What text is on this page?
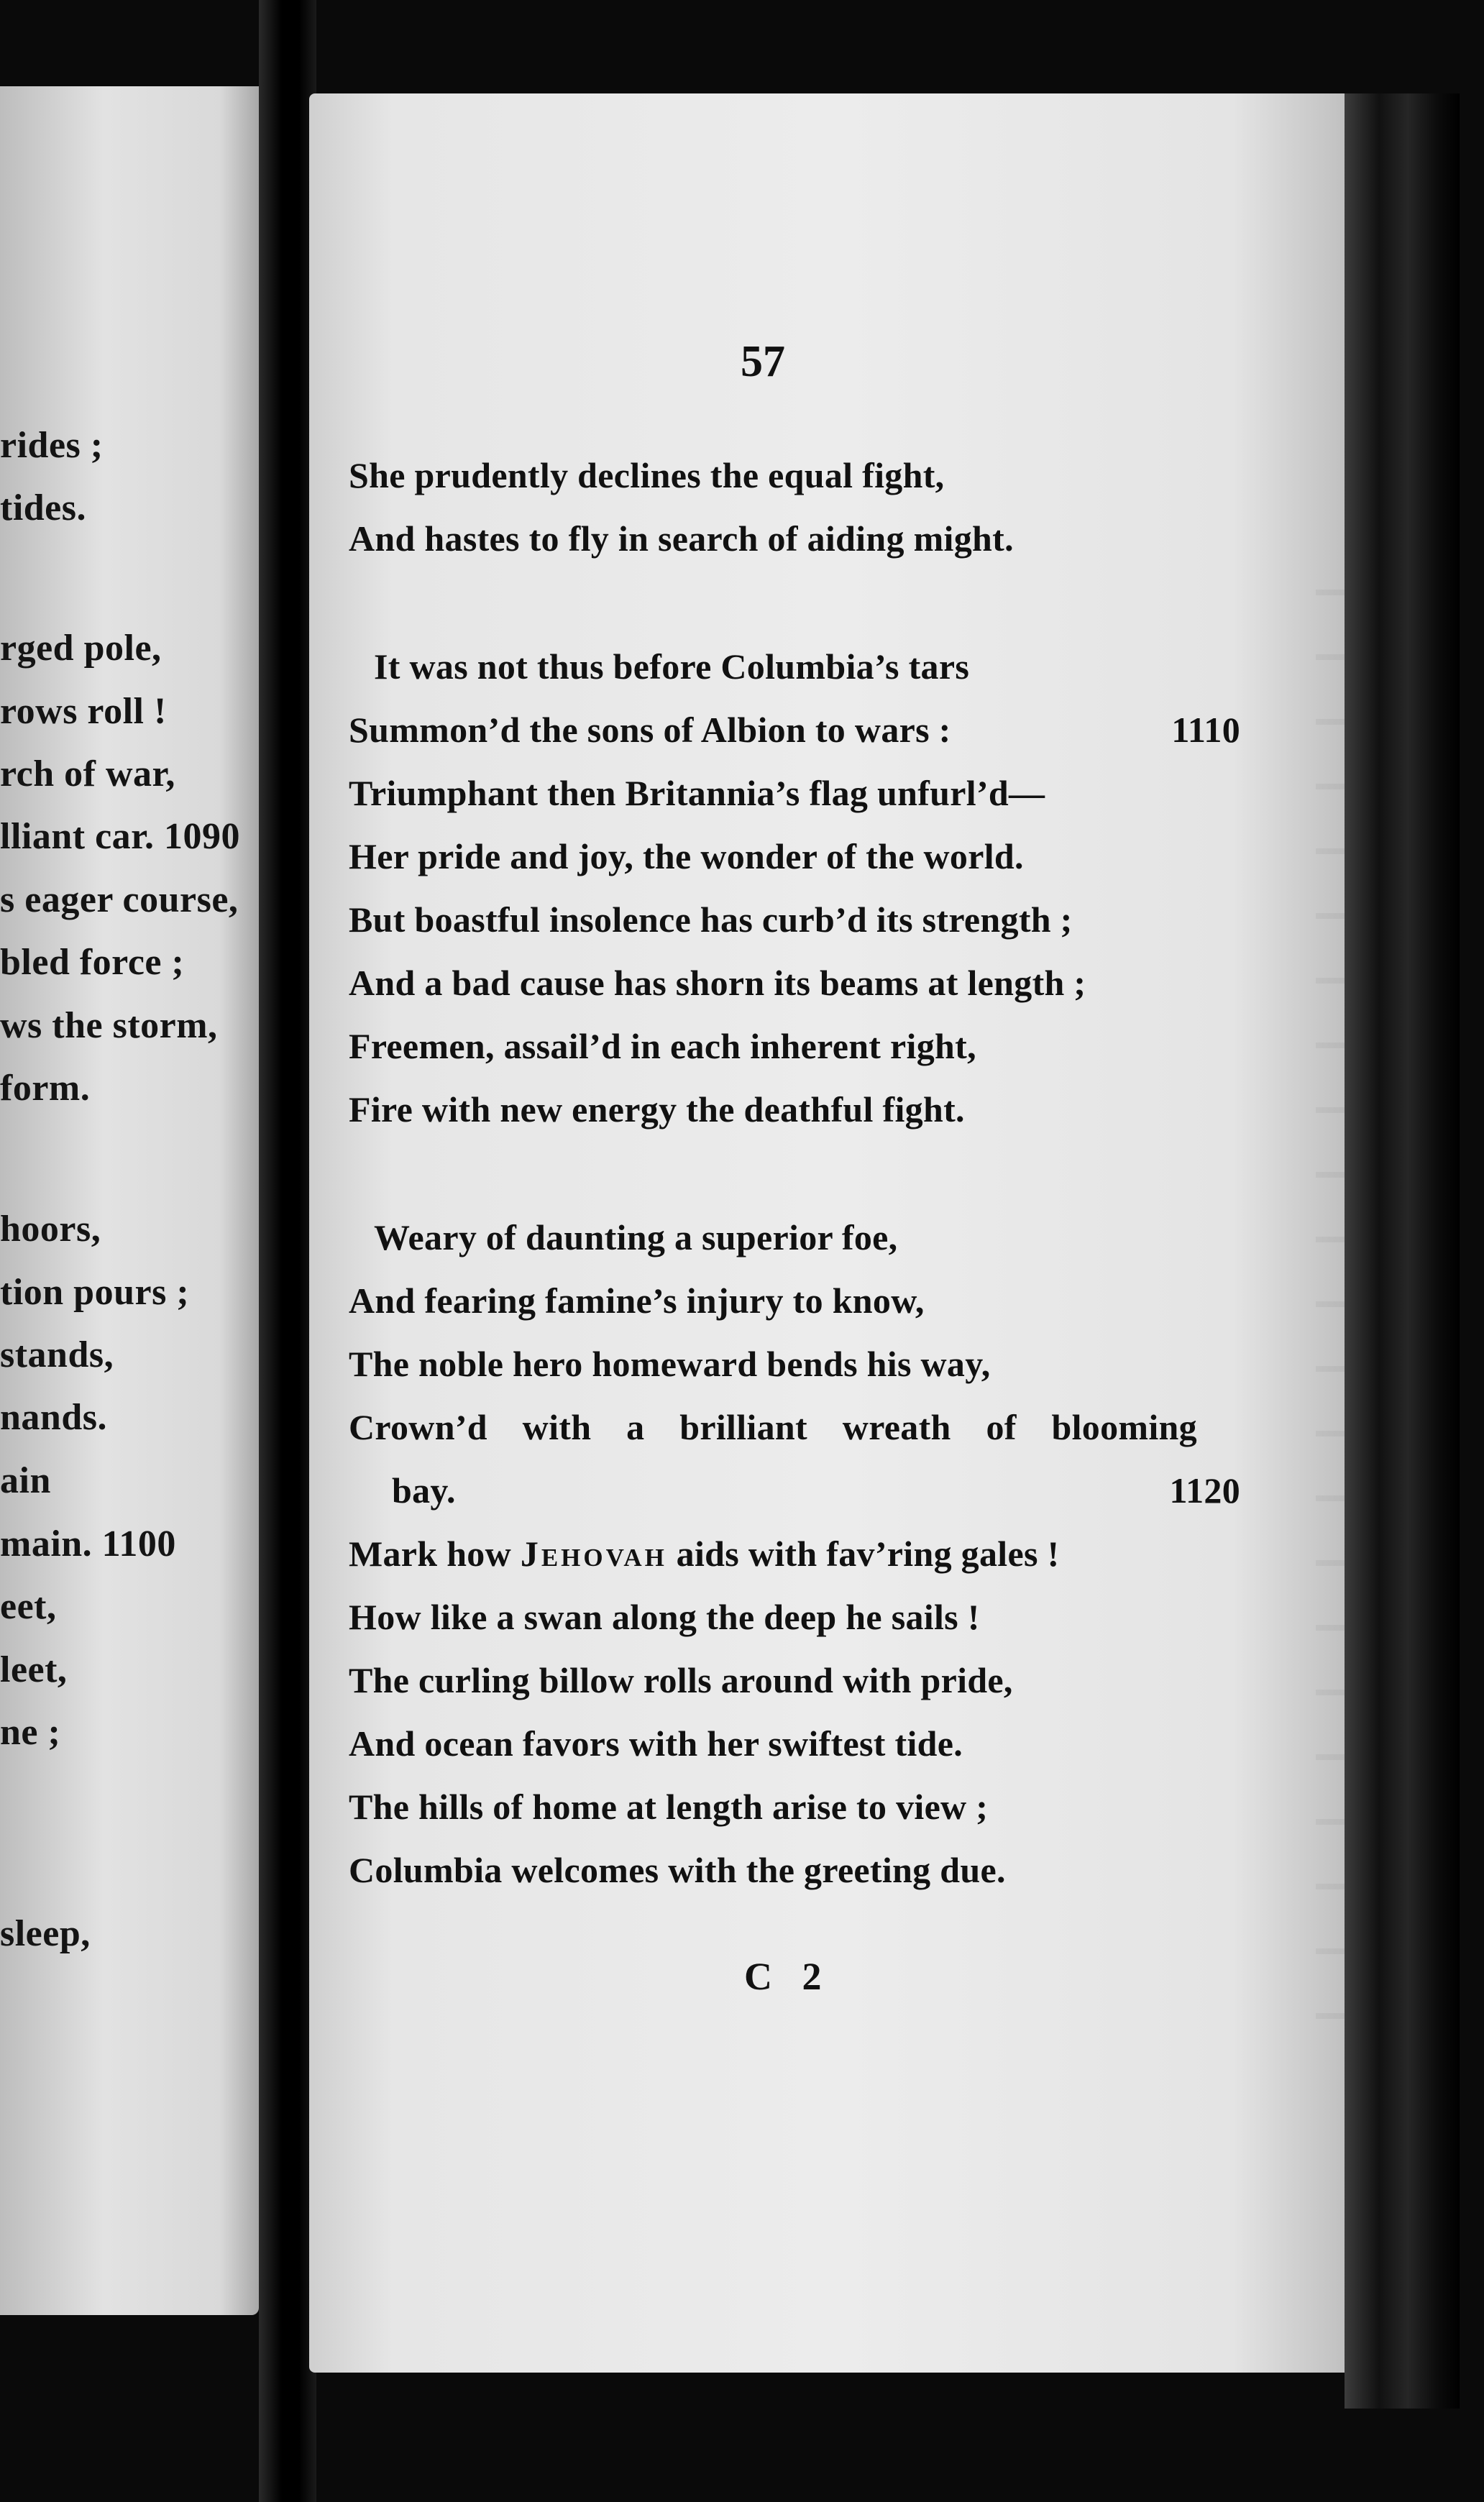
rides ;
tides.
rged pole,
rows roll !
rch of war,
lliant car. 1090
s eager course,
bled force ;
ws the storm,
form.
hoors,
tion pours ;
stands,
nands.
ain
main. 1100
eet,
leet,
ne ;
sleep,
57
She prudently declines the equal fight,
And hastes to fly in search of aiding might.
It was not thus before Columbia’s tars
Summon’d the sons of Albion to wars :	1110
Triumphant then Britannia’s flag unfurl’d—
Her pride and joy, the wonder of the world.
But boastful insolence has curb’d its strength ;
And a bad cause has shorn its beams at length ;
Freemen, assail’d in each inherent right,
Fire with new energy the deathful fight.
Weary of daunting a superior foe,
And fearing famine’s injury to know,
The noble hero homeward bends his way,
Crown’d with a brilliant wreath of blooming
bay.	1120
Mark how Jehovah aids with fav’ring gales !
How like a swan along the deep he sails !
The curling billow rolls around with pride,
And ocean favors with her swiftest tide.
The hills of home at length arise to view ;
Columbia welcomes with the greeting due.
C 2
